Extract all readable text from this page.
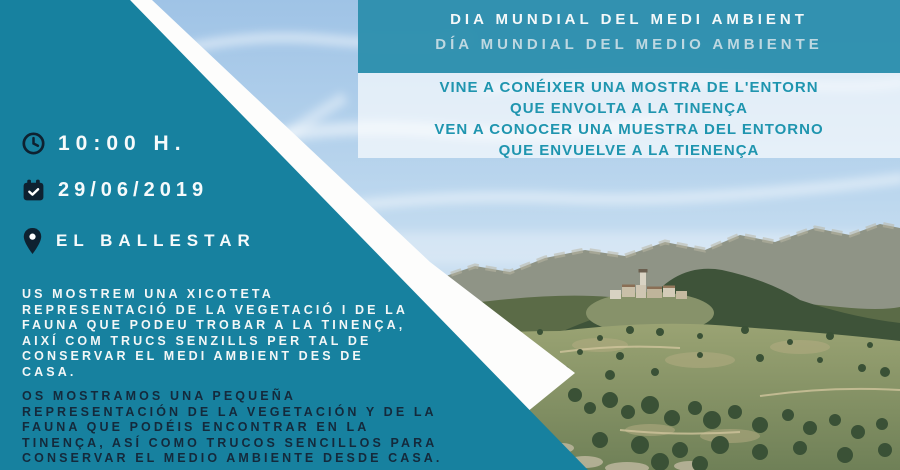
DIA MUNDIAL DEL MEDI AMBIENT
DÍA MUNDIAL DEL MEDIO AMBIENTE
VINE A CONÉIXER UNA MOSTRA DE L'ENTORN
QUE ENVOLTA A LA TINENÇA
VEN A CONOCER UNA MUESTRA DEL ENTORNO
QUE ENVUELVE A LA TIENENÇA
10:00 H.
29/06/2019
EL BALLESTAR
US MOSTREM UNA XICOTETA
REPRESENTACIÓ DE LA VEGETACIÓ I DE LA
FAUNA QUE PODEU TROBAR A LA TINENÇA,
AIXÍ COM TRUCS SENZILLS PER TAL DE
CONSERVAR EL MEDI AMBIENT DES DE
CASA.
OS MOSTRAMOS UNA PEQUEÑA
REPRESENTACIÓN DE LA VEGETACIÓN Y DE LA
FAUNA QUE PODÉIS ENCONTRAR EN LA
TINENÇA, ASÍ COMO TRUCOS SENCILLOS PARA
CONSERVAR EL MEDIO AMBIENTE DESDE CASA.
